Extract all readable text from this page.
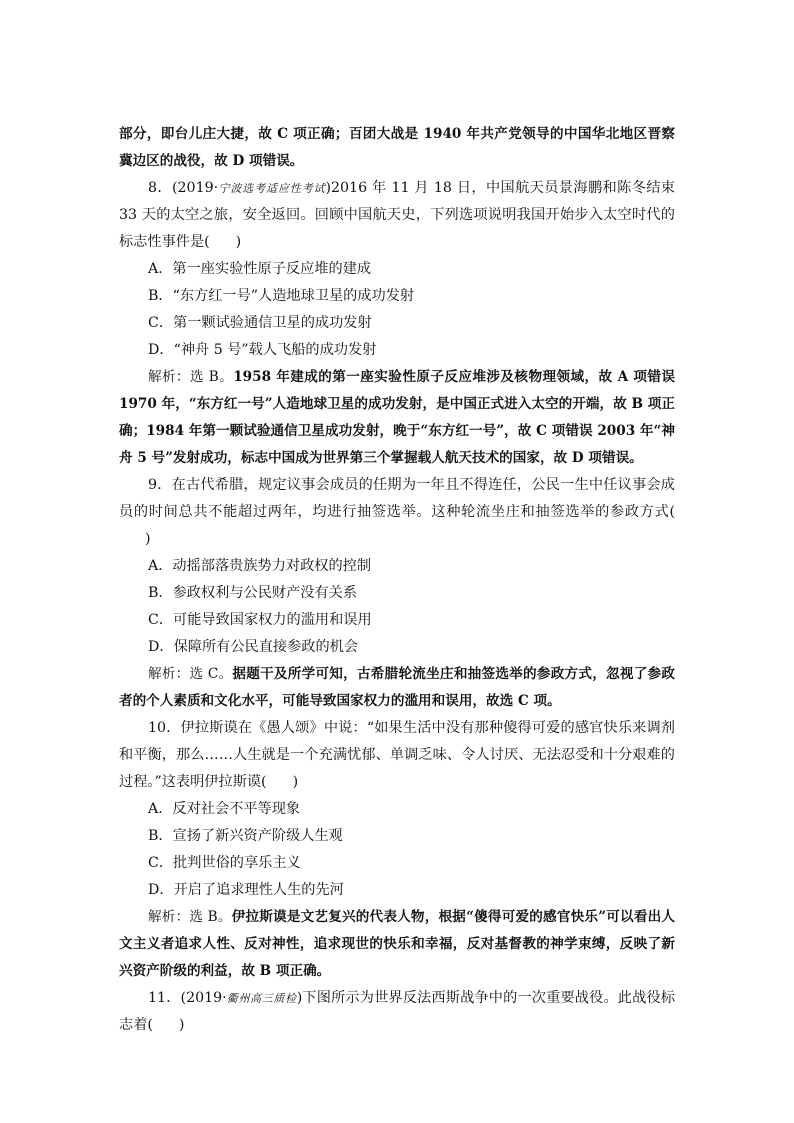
部分，即台儿庄大捷，故 C 项正确；百团大战是 1940 年共产党领导的中国华北地区晋察冀边区的战役，故 D 项错误。

8．(2019·宁波选考适应性考试)2016 年 11 月 18 日，中国航天员景海鹏和陈冬结束 33 天的太空之旅，安全返回。回顾中国航天史，下列选项说明我国开始步入太空时代的标志性事件是( )

A．第一座实验性原子反应堆的建成

B．“东方红一号”人造地球卫星的成功发射

C．第一颗试验通信卫星的成功发射

D．“神舟 5 号”载人飞船的成功发射

解析：选 B。1958 年建成的第一座实验性原子反应堆涉及核物理领域，故 A 项错误 1970 年，“东方红一号”人造地球卫星的成功发射，是中国正式进入太空的开端，故 B 项正确；1984 年第一颗试验通信卫星成功发射，晚于“东方红一号”，故 C 项错误 2003 年“神舟 5 号”发射成功，标志中国成为世界第三个掌握载人航天技术的国家，故 D 项错误。

9．在古代希腊，规定议事会成员的任期为一年且不得连任，公民一生中任议事会成员的时间总共不能超过两年，均进行抽签选举。这种轮流坐庄和抽签选举的参政方式()

A．动摇部落贵族势力对政权的控制

B．参政权利与公民财产没有关系

C．可能导致国家权力的滥用和误用

D．保障所有公民直接参政的机会

解析：选 C。据题干及所学可知，古希腊轮流坐庄和抽签选举的参政方式，忽视了参政者的个人素质和文化水平，可能导致国家权力的滥用和误用，故选 C 项。

10．伊拉斯谟在《愚人颂》中说：“如果生活中没有那种傻得可爱的感官快乐来调剂和平衡，那么……人生就是一个充满忧郁、单调乏味、令人讨厌、无法忍受和十分艰难的过程。”这表明伊拉斯谟( )

A．反对社会不平等现象

B．宣扬了新兴资产阶级人生观

C．批判世俗的享乐主义

D．开启了追求理性人生的先河

解析：选 B。伊拉斯谟是文艺复兴的代表人物，根据“傻得可爱的感官快乐”可以看出人文主义者追求人性、反对神性，追求现世的快乐和幸福，反对基督教的神学束缚，反映了新兴资产阶级的利益，故 B 项正确。

11．(2019·衢州高三质检)下图所示为世界反法西斯战争中的一次重要战役。此战役标志着( )
